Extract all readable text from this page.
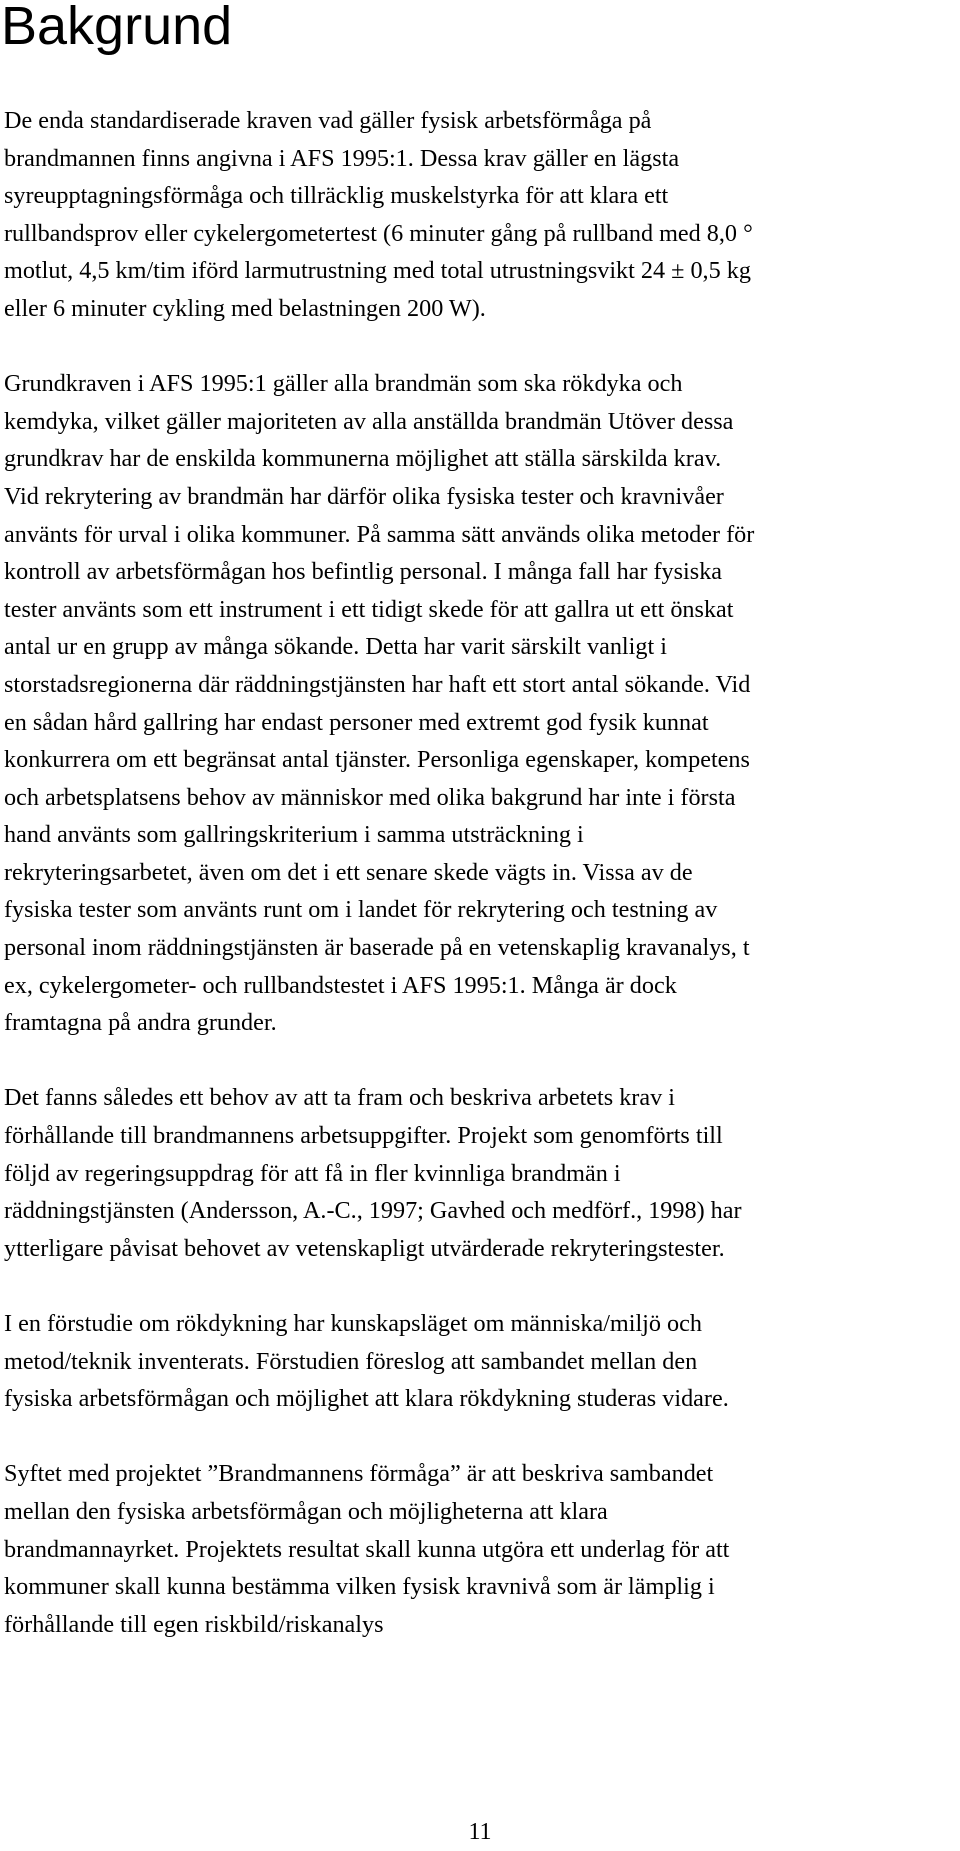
Bakgrund

De enda standardiserade kraven vad gäller fysisk arbetsförmåga på
brandmannen finns angivna i AFS 1995:1. Dessa krav gäller en lägsta
syreupptagningsförmåga och tillräcklig muskelstyrka för att klara ett
rullbandsprov eller cykelergometertest (6 minuter gång på rullband med 8,0 °
motlut, 4,5 km/tim iförd larmutrustning med total utrustningsvikt 24 ± 0,5 kg
eller 6 minuter cykling med belastningen 200 W).

Grundkraven i AFS 1995:1 gäller alla brandmän som ska rökdyka och
kemdyka, vilket gäller majoriteten av alla anställda brandmän Utöver dessa
grundkrav har de enskilda kommunerna möjlighet att ställa särskilda krav.
Vid rekrytering av brandmän har därför olika fysiska tester och kravnivåer
använts för urval i olika kommuner. På samma sätt används olika metoder för
kontroll av arbetsförmågan hos befintlig personal. I många fall har fysiska
tester använts som ett instrument i ett tidigt skede för att gallra ut ett önskat
antal ur en grupp av många sökande. Detta har varit särskilt vanligt i
storstadsregionerna där räddningstjänsten har haft ett stort antal sökande. Vid
en sådan hård gallring har endast personer med extremt god fysik kunnat
konkurrera om ett begränsat antal tjänster. Personliga egenskaper, kompetens
och arbetsplatsens behov av människor med olika bakgrund har inte i första
hand använts som gallringskriterium i samma utsträckning i
rekryteringsarbetet, även om det i ett senare skede vägts in. Vissa av de
fysiska tester som använts runt om i landet för rekrytering och testning av
personal inom räddningstjänsten är baserade på en vetenskaplig kravanalys, t
ex, cykelergometer- och rullbandstestet i AFS 1995:1. Många är dock
framtagna på andra grunder.

Det fanns således ett behov av att ta fram och beskriva arbetets krav i
förhållande till brandmannens arbetsuppgifter. Projekt som genomförts till
följd av regeringsuppdrag för att få in fler kvinnliga brandmän i
räddningstjänsten (Andersson, A.-C., 1997; Gavhed och medförf., 1998) har
ytterligare påvisat behovet av vetenskapligt utvärderade rekryteringstester.

I en förstudie om rökdykning har kunskapsläget om människa/miljö och
metod/teknik inventerats. Förstudien föreslog att sambandet mellan den
fysiska arbetsförmågan och möjlighet att klara rökdykning studeras vidare.

Syftet med projektet ”Brandmannens förmåga” är att beskriva sambandet
mellan den fysiska arbetsförmågan och möjligheterna att klara
brandmannayrket. Projektets resultat skall kunna utgöra ett underlag för att
kommuner skall kunna bestämma vilken fysisk kravnivå som är lämplig i
förhållande till egen riskbild/riskanalys

11
